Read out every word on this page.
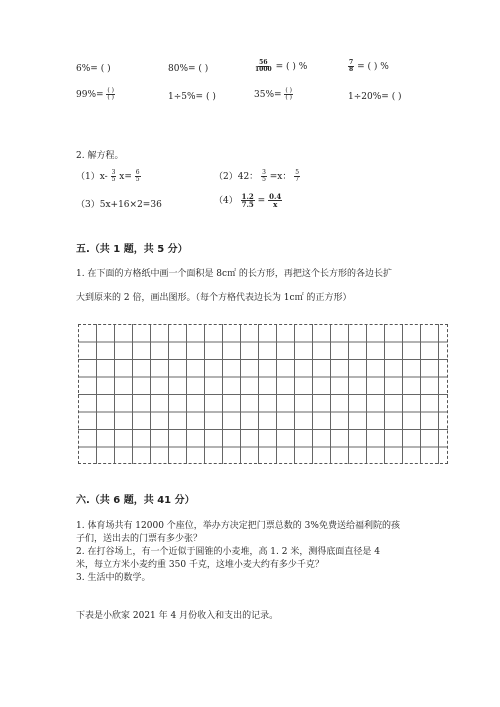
6%= ( )	80%= ( )	$\frac{56}{1000}$ = ( ) %	$\frac{7}{8}$ = ( ) %
$99\%= \frac{( )}{( )}$	1÷5%= ( )	$35\%= \frac{( )}{( )}$	1÷20%= ( )
2. 解方程。
$(1)x- \frac{3}{5} x= \frac{6}{5}$	（2）42： $\frac{3}{5} =x$： $\frac{5}{7}$
（3）5x+16×2=36	$(4) \frac{1.2}{7.5} = \frac{0.4}{x}$
五.（共 1 题，共 5 分）
1. 在下面的方格纸中画一个面积是 8c㎡ 的长方形，再把这个长方形的各边长扩
大到原来的 2 倍，画出图形。（每个方格代表边长为 1c㎡ 的正方形）
六.（共 6 题，共 41 分）
1. 体育场共有 12000 个座位，举办方决定把门票总数的 3%免费送给福利院的孩
子们，送出去的门票有多少张？
2. 在打谷场上，有一个近似于圆锥的小麦堆，高 1. 2 米，测得底面直径是 4
米，每立方米小麦约重 350 千克，这堆小麦大约有多少千克？
3. 生活中的数学。
下表是小欣家 2021 年 4 月份收入和支出的记录。
